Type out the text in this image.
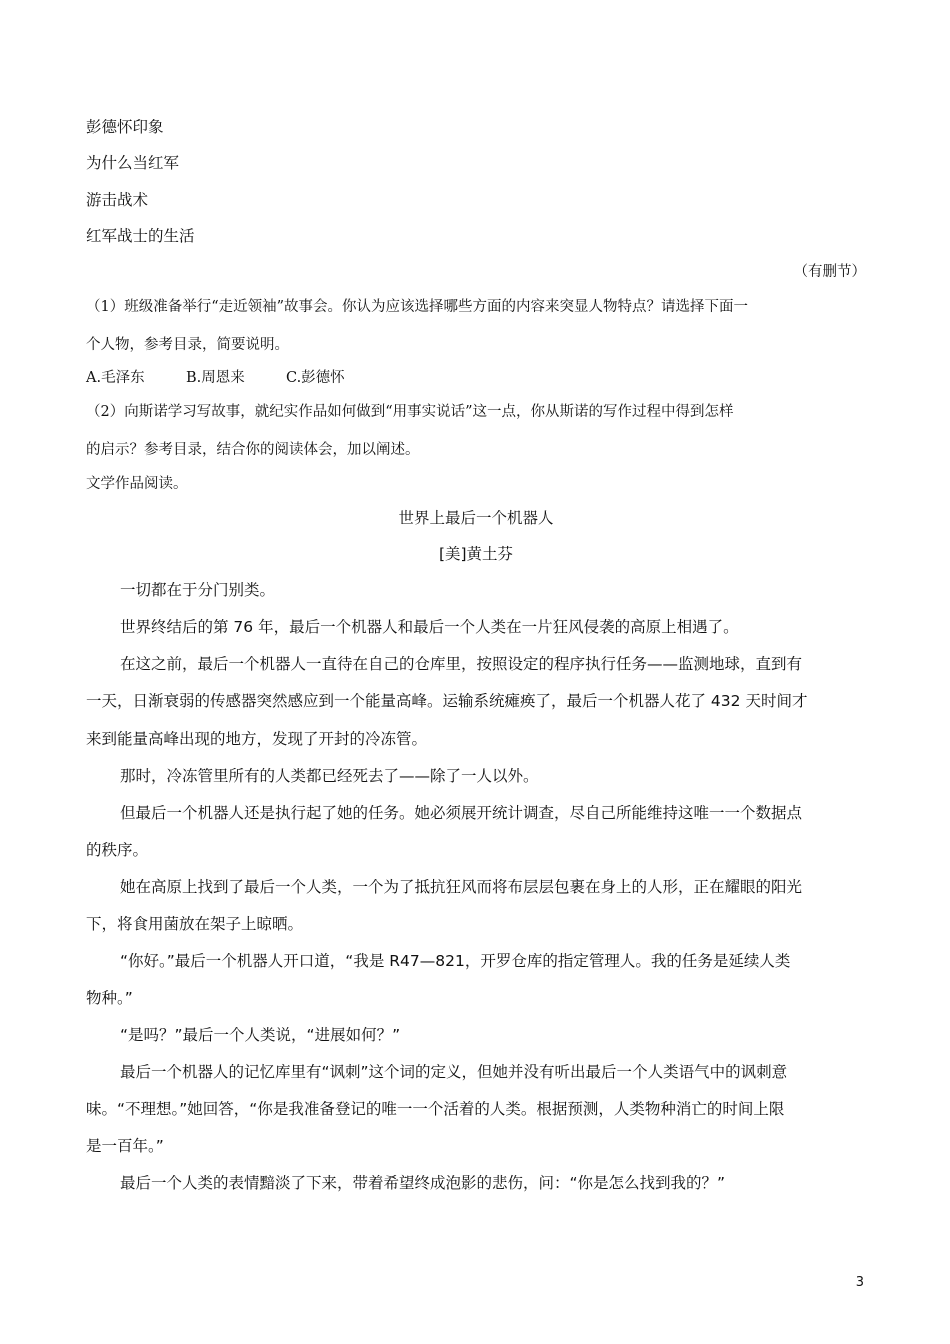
彭德怀印象
为什么当红军
游击战术
红军战士的生活
（有删节）
（1）班级准备举行“走近领袖”故事会。你认为应该选择哪些方面的内容来突显人物特点？请选择下面一
个人物，参考目录，简要说明。
A.毛泽东	B.周恩来	C.彭德怀
（2）向斯诺学习写故事，就纪实作品如何做到“用事实说话”这一点，你从斯诺的写作过程中得到怎样
的启示？参考目录，结合你的阅读体会，加以阐述。
文学作品阅读。
世界上最后一个机器人
[美]黄土芬
一切都在于分门别类。
世界终结后的第 76 年，最后一个机器人和最后一个人类在一片狂风侵袭的高原上相遇了。
在这之前，最后一个机器人一直待在自己的仓库里，按照设定的程序执行任务——监测地球，直到有
一天，日渐衰弱的传感器突然感应到一个能量高峰。运输系统瘫痪了，最后一个机器人花了 432 天时间才
来到能量高峰出现的地方，发现了开封的冷冻管。
那时，冷冻管里所有的人类都已经死去了——除了一人以外。
但最后一个机器人还是执行起了她的任务。她必须展开统计调查，尽自己所能维持这唯一一个数据点
的秩序。
她在高原上找到了最后一个人类，一个为了抵抗狂风而将布层层包裹在身上的人形，正在耀眼的阳光
下，将食用菌放在架子上晾晒。
“你好。”最后一个机器人开口道，“我是 R47—821，开罗仓库的指定管理人。我的任务是延续人类
物种。”
“是吗？”最后一个人类说，“进展如何？”
最后一个机器人的记忆库里有“讽刺”这个词的定义，但她并没有听出最后一个人类语气中的讽刺意
味。“不理想。”她回答，“你是我准备登记的唯一一个活着的人类。根据预测，人类物种消亡的时间上限
是一百年。”
最后一个人类的表情黯淡了下来，带着希望终成泡影的悲伤，问：“你是怎么找到我的？”
3
